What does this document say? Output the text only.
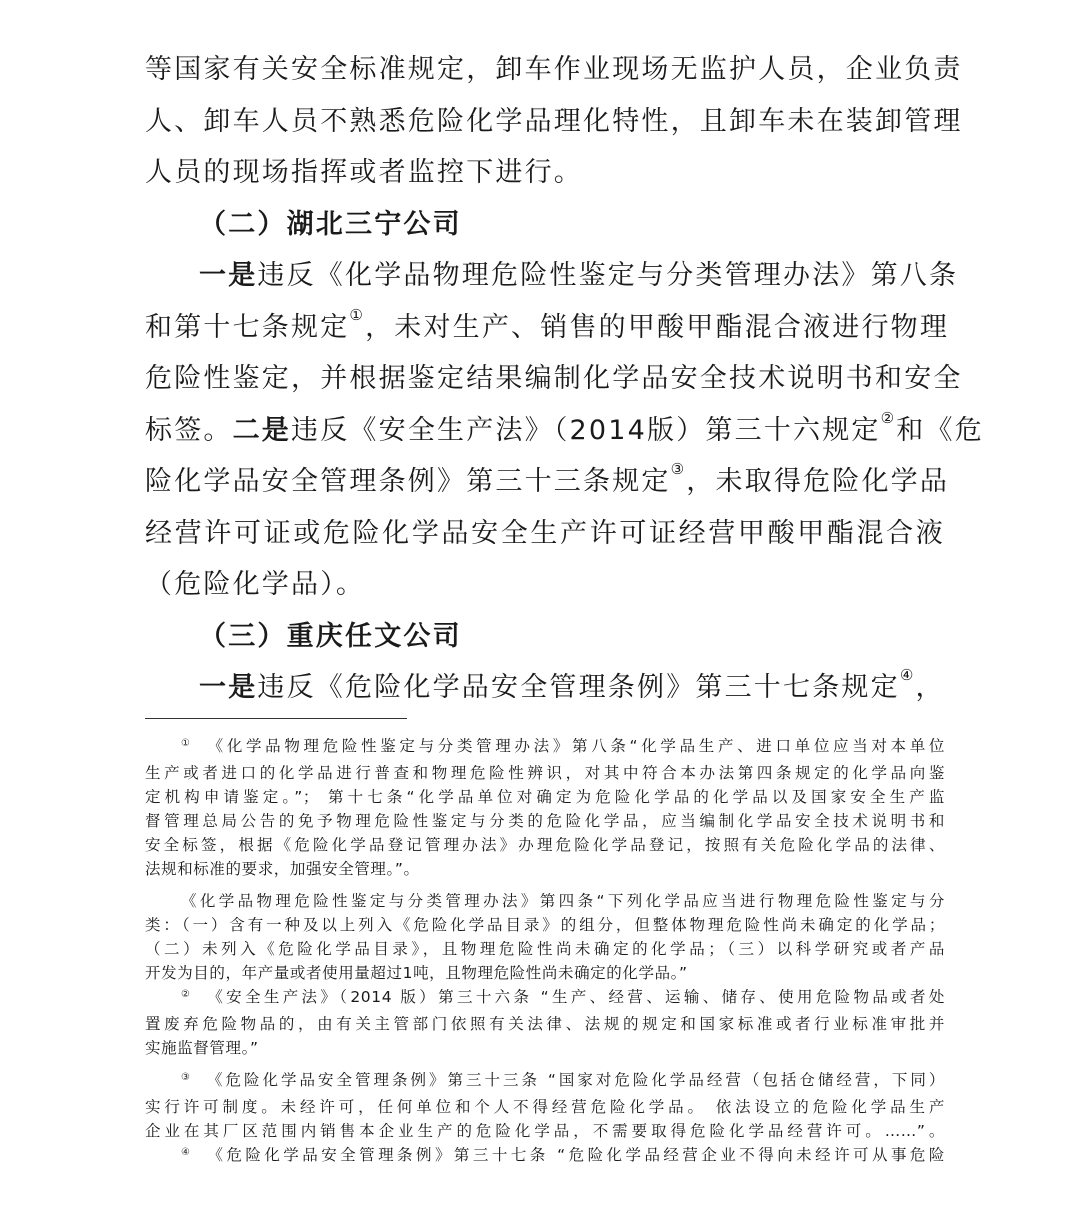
等国家有关安全标准规定，卸车作业现场无监护人员，企业负责
人、卸车人员不熟悉危险化学品理化特性，且卸车未在装卸管理
人员的现场指挥或者监控下进行。
（二）湖北三宁公司
一是违反《化学品物理危险性鉴定与分类管理办法》第八条
和第十七条规定①，未对生产、销售的甲酸甲酯混合液进行物理
危险性鉴定，并根据鉴定结果编制化学品安全技术说明书和安全
标签。二是违反《安全生产法》（2014版）第三十六规定②和《危
险化学品安全管理条例》第三十三条规定③，未取得危险化学品
经营许可证或危险化学品安全生产许可证经营甲酸甲酯混合液
（危险化学品）。
（三）重庆任文公司
一是违反《危险化学品安全管理条例》第三十七条规定④，
① 《化学品物理危险性鉴定与分类管理办法》第八条“化学品生产、进口单位应当对本单位
生产或者进口的化学品进行普查和物理危险性辨识，对其中符合本办法第四条规定的化学品向鉴
定机构申请鉴定。”； 第十七条“化学品单位对确定为危险化学品的化学品以及国家安全生产监
督管理总局公告的免予物理危险性鉴定与分类的危险化学品，应当编制化学品安全技术说明书和
安全标签，根据《危险化学品登记管理办法》办理危险化学品登记，按照有关危险化学品的法律、
法规和标准的要求，加强安全管理。”。
《化学品物理危险性鉴定与分类管理办法》第四条“下列化学品应当进行物理危险性鉴定与分
类：（一）含有一种及以上列入《危险化学品目录》的组分，但整体物理危险性尚未确定的化学品；
（二）未列入《危险化学品目录》，且物理危险性尚未确定的化学品；（三）以科学研究或者产品
开发为目的，年产量或者使用量超过1吨，且物理危险性尚未确定的化学品。”
② 《安全生产法》（2014 版）第三十六条 “生产、经营、运输、储存、使用危险物品或者处
置废弃危险物品的，由有关主管部门依照有关法律、法规的规定和国家标准或者行业标准审批并
实施监督管理。”
③ 《危险化学品安全管理条例》第三十三条 “国家对危险化学品经营（包括仓储经营，下同）
实行许可制度。未经许可，任何单位和个人不得经营危险化学品。 依法设立的危险化学品生产
企业在其厂区范围内销售本企业生产的危险化学品，不需要取得危险化学品经营许可。……”。
④ 《危险化学品安全管理条例》第三十七条 “危险化学品经营企业不得向未经许可从事危险
